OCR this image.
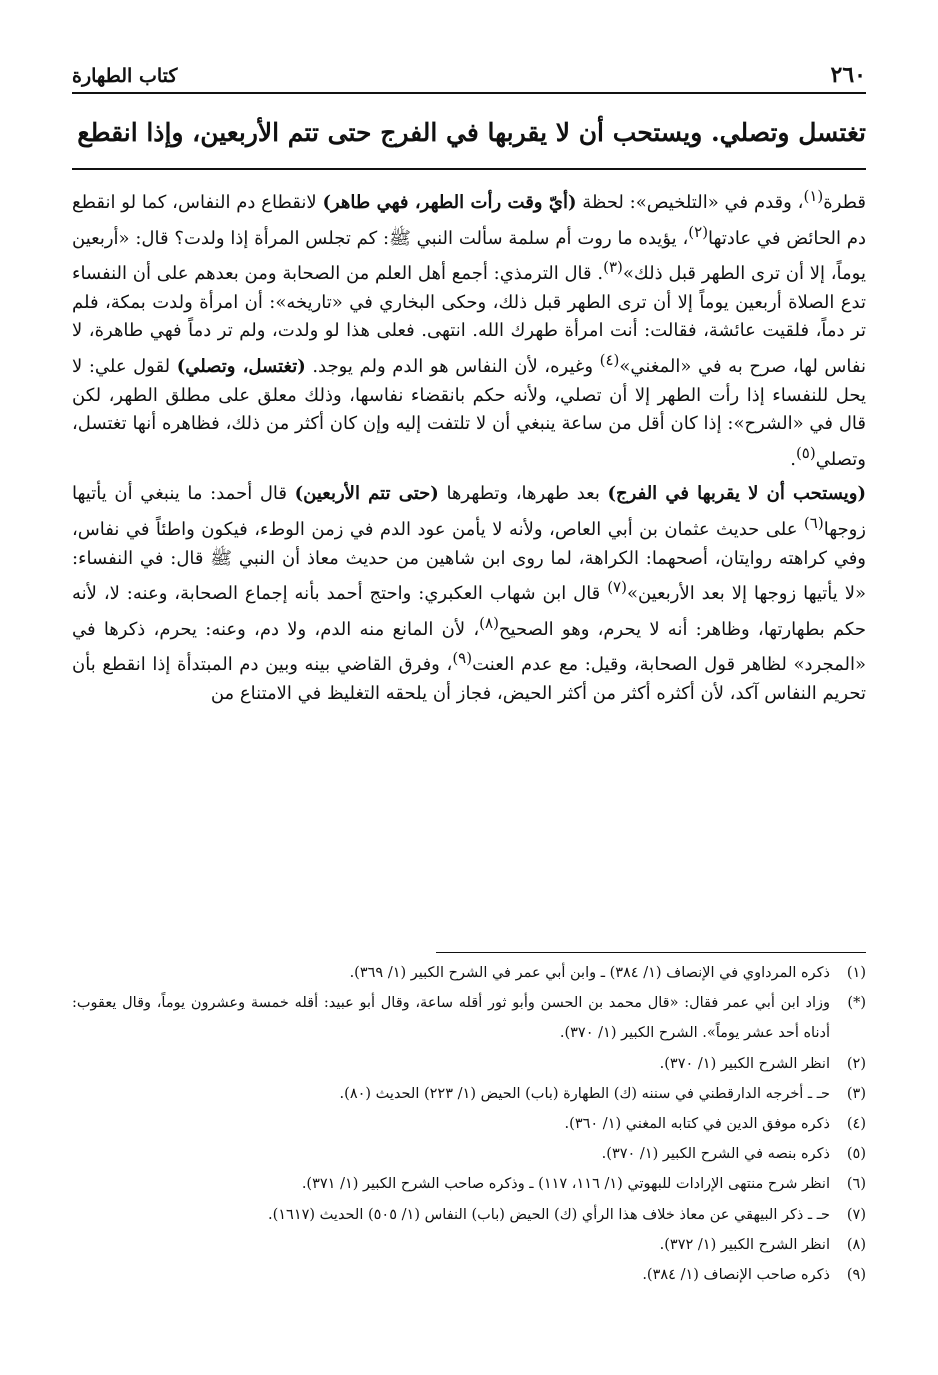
٢٦٠
كتاب الطهارة
تغتسل وتصلي. ويستحب أن لا يقربها في الفرج حتى تتم الأربعين، وإذا انقطع

قطرة$^{(١)}$، وقدم في «التلخيص»: لحظة (أيّ وقت رأت الطهر، فهي طاهر) لانقطاع دم النفاس، كما لو انقطع دم الحائض في عادتها$^{(٢)}$، يؤيده ما روت أم سلمة سألت النبي ﷺ: كم تجلس المرأة إذا ولدت؟ قال: «أربعين يوماً، إلا أن ترى الطهر قبل ذلك»$^{(٣)}$. قال الترمذي: أجمع أهل العلم من الصحابة ومن بعدهم على أن النفساء تدع الصلاة أربعين يوماً إلا أن ترى الطهر قبل ذلك، وحكى البخاري في «تاريخه»: أن امرأة ولدت بمكة، فلم تر دماً، فلقيت عائشة، فقالت: أنت امرأة طهرك الله. انتهى. فعلى هذا لو ولدت، ولم تر دماً فهي طاهرة، لا نفاس لها، صرح به في «المغني»$^{(٤)}$ وغيره، لأن النفاس هو الدم ولم يوجد. (تغتسل، وتصلي) لقول علي: لا يحل للنفساء إذا رأت الطهر إلا أن تصلي، ولأنه حكم بانقضاء نفاسها، وذلك معلق على مطلق الطهر، لكن قال في «الشرح»: إذا كان أقل من ساعة ينبغي أن لا تلتفت إليه وإن كان أكثر من ذلك، فظاهره أنها تغتسل، وتصلي$^{(٥)}$.

(ويستحب أن لا يقربها في الفرج) بعد طهرها، وتطهرها (حتى تتم الأربعين) قال أحمد: ما ينبغي أن يأتيها زوجها$^{(٦)}$ على حديث عثمان بن أبي العاص، ولأنه لا يأمن عود الدم في زمن الوطء، فيكون واطئاً في نفاس، وفي كراهته روايتان، أصحهما: الكراهة، لما روى ابن شاهين من حديث معاذ أن النبي ﷺ قال: في النفساء: «لا يأتيها زوجها إلا بعد الأربعين»$^{(٧)}$ قال ابن شهاب العكبري: واحتج أحمد بأنه إجماع الصحابة، وعنه: لا، لأنه حكم بطهارتها، وظاهر: أنه لا يحرم، وهو الصحيح$^{(٨)}$، لأن المانع منه الدم، ولا دم، وعنه: يحرم، ذكرها في «المجرد» لظاهر قول الصحابة، وقيل: مع عدم العنت$^{(٩)}$، وفرق القاضي بينه وبين دم المبتدأة إذا انقطع بأن تحريم النفاس آكد، لأن أكثره أكثر من أكثر الحيض، فجاز أن يلحقه التغليظ في الامتناع من

(١)
ذكره المرداوي في الإنصاف (١/ ٣٨٤) ـ وابن أبي عمر في الشرح الكبير (١/ ٣٦٩).
(*)
وزاد ابن أبي عمر فقال: «قال محمد بن الحسن وأبو ثور أقله ساعة، وقال أبو عبيد: أقله خمسة وعشرون يوماً، وقال يعقوب: أدناه أحد عشر يوماً». الشرح الكبير (١/ ٣٧٠).
(٢)
انظر الشرح الكبير (١/ ٣٧٠).
(٣)
حـ ـ أخرجه الدارقطني في سننه (ك) الطهارة (باب) الحيض (١/ ٢٢٣) الحديث (٨٠).
(٤)
ذكره موفق الدين في كتابه المغني (١/ ٣٦٠).
(٥)
ذكره بنصه في الشرح الكبير (١/ ٣٧٠).
(٦)
انظر شرح منتهى الإرادات للبهوتي (١/ ١١٦، ١١٧) ـ وذكره صاحب الشرح الكبير (١/ ٣٧١).
(٧)
حـ ـ ذكر البيهقي عن معاذ خلاف هذا الرأي (ك) الحيض (باب) النفاس (١/ ٥٠٥) الحديث (١٦١٧).
(٨)
انظر الشرح الكبير (١/ ٣٧٢).
(٩)
ذكره صاحب الإنصاف (١/ ٣٨٤).
